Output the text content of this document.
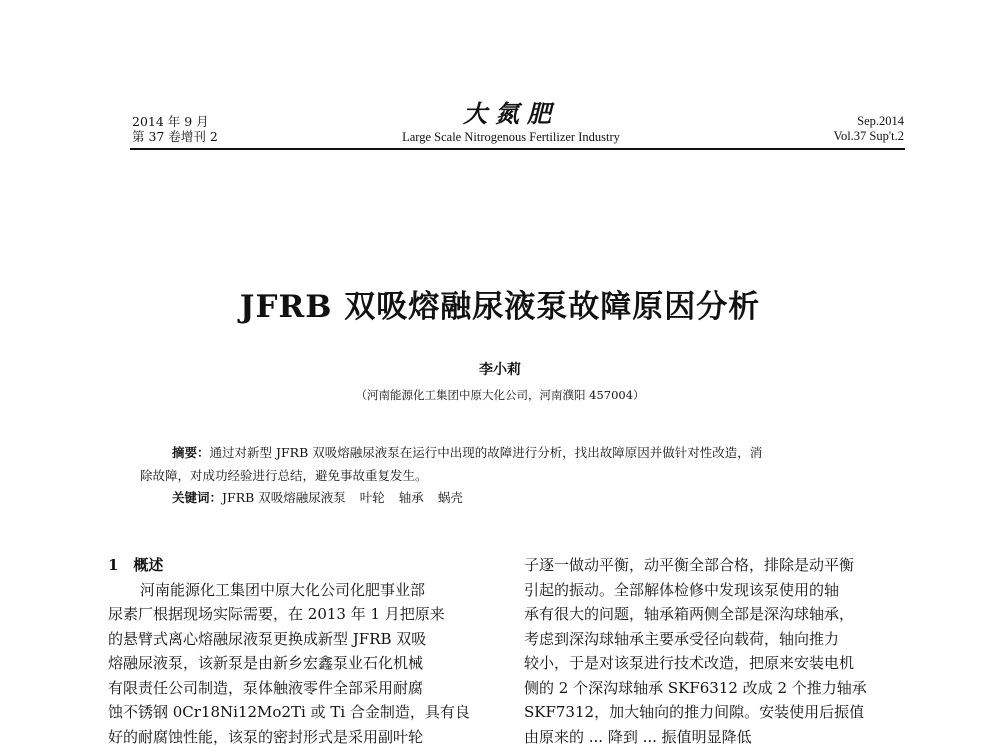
2014 年 9 月
第 37 卷增刊 2
大氮肥
Large Scale Nitrogenous Fertilizer Industry
Sep.2014
Vol.37 Sup't.2
JFRB 双吸熔融尿液泵故障原因分析
李小莉
（河南能源化工集团中原大化公司，河南濮阳 457004）

摘要：通过对新型 JFRB 双吸熔融尿液泵在运行中出现的故障进行分析，找出故障原因并做针对性改造，消

除故障，对成功经验进行总结，避免事故重复发生。

关键词：JFRB 双吸熔融尿液泵 叶轮 轴承 蜗壳
1　概述
河南能源化工集团中原大化公司化肥事业部
尿素厂根据现场实际需要，在 2013 年 1 月把原来
的悬臂式离心熔融尿液泵更换成新型 JFRB 双吸
熔融尿液泵，该新泵是由新乡宏鑫泵业石化机械
有限责任公司制造，泵体触液零件全部采用耐腐
蚀不锈钢 0Cr18Ni12Mo2Ti 或 Ti 合金制造，具有良
好的耐腐蚀性能，该泵的密封形式是采用副叶轮
子逐一做动平衡，动平衡全部合格，排除是动平衡
引起的振动。全部解体检修中发现该泵使用的轴
承有很大的问题，轴承箱两侧全部是深沟球轴承，
考虑到深沟球轴承主要承受径向载荷，轴向推力
较小，于是对该泵进行技术改造，把原来安装电机
侧的 2 个深沟球轴承 SKF6312 改成 2 个推力轴承
SKF7312，加大轴向的推力间隙。安装使用后振值
由原来的 ... 降到 ... 振值明显降低
